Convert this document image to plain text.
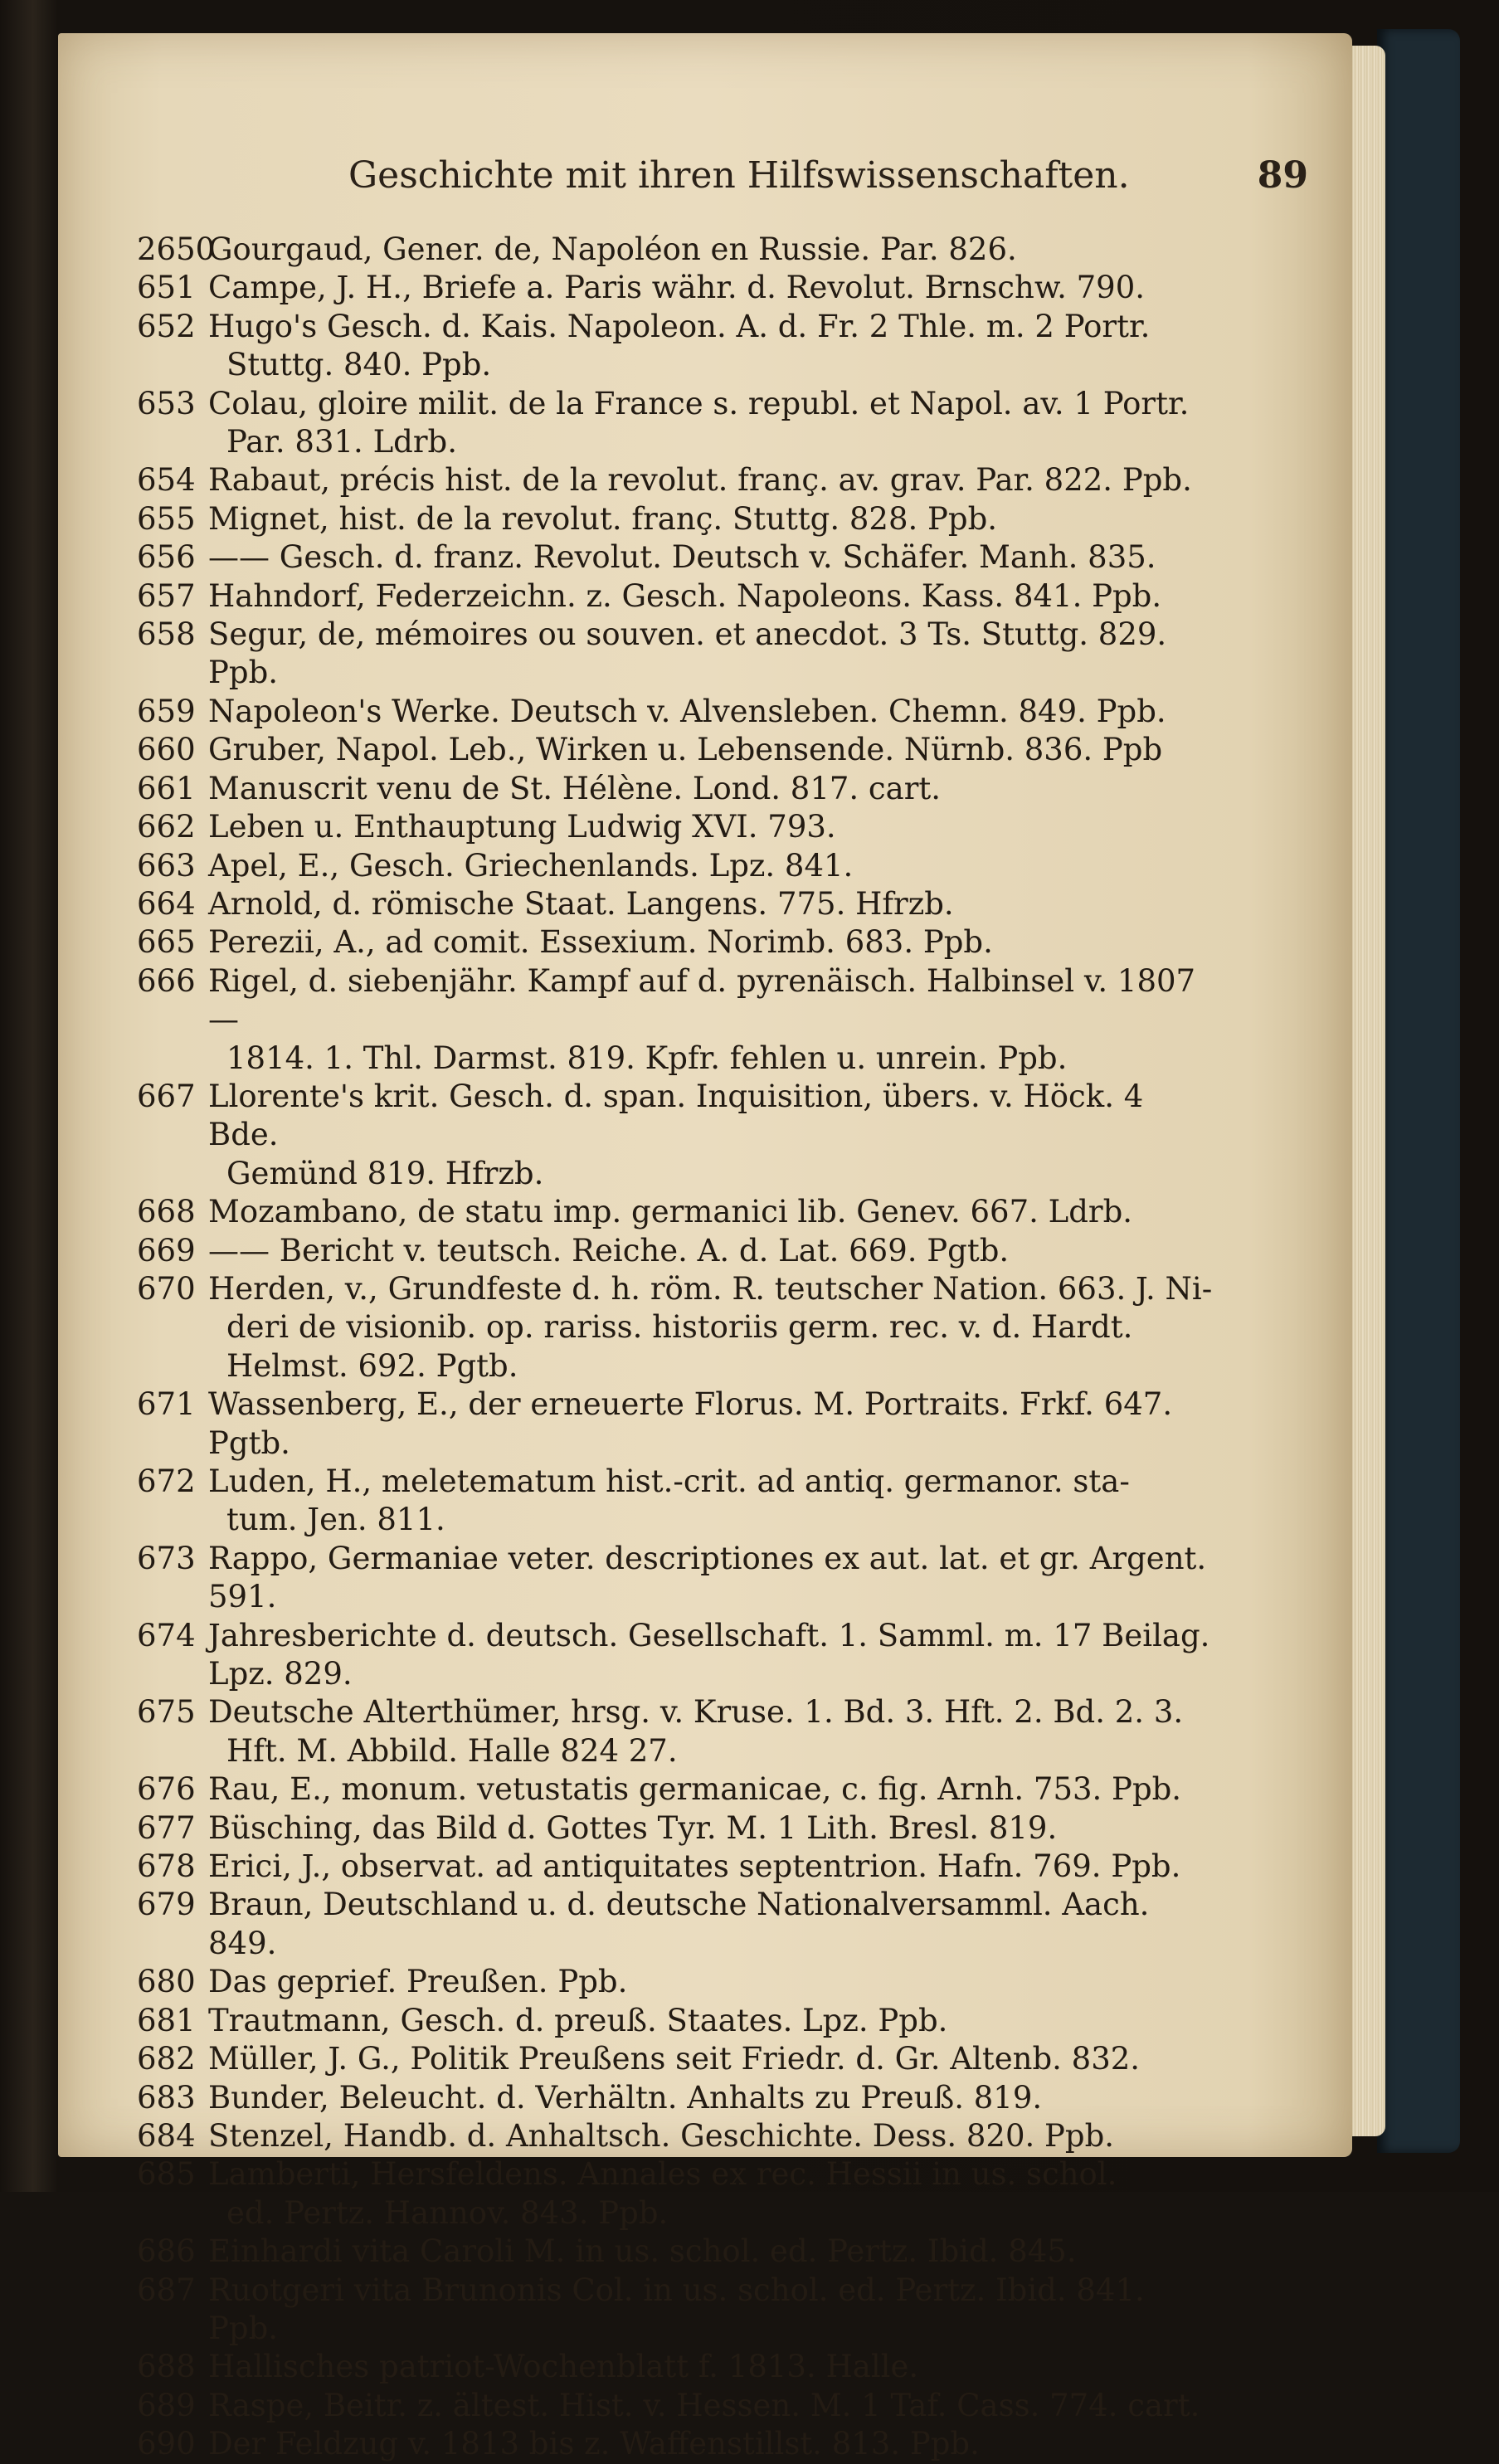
Geschichte mit ihren Hilfswissenschaften.	89
2650
Gourgaud, Gener. de, Napoléon en Russie. Par. 826.
651 Campe, J. H., Briefe a. Paris währ. d. Revolut. Brnschw. 790.
652 Hugo's Gesch. d. Kais. Napoleon. A. d. Fr. 2 Thle. m. 2 Portr.
Stuttg. 840. Ppb.
653 Colau, gloire milit. de la France s. republ. et Napol. av. 1 Portr.
Par. 831. Ldrb.
654 Rabaut, précis hist. de la revolut. franç. av. grav. Par. 822. Ppb.
655 Mignet, hist. de la revolut. franç. Stuttg. 828. Ppb.
656 —— Gesch. d. franz. Revolut. Deutsch v. Schäfer. Manh. 835.
657 Hahndorf, Federzeichn. z. Gesch. Napoleons. Kass. 841. Ppb.
658 Segur, de, mémoires ou souven. et anecdot. 3 Ts. Stuttg. 829. Ppb.
659 Napoleon's Werke. Deutsch v. Alvensleben. Chemn. 849. Ppb.
660 Gruber, Napol. Leb., Wirken u. Lebensende. Nürnb. 836. Ppb
661 Manuscrit venu de St. Hélène. Lond. 817. cart.
662 Leben u. Enthauptung Ludwig XVI. 793.
663 Apel, E., Gesch. Griechenlands. Lpz. 841.
664 Arnold, d. römische Staat. Langens. 775. Hfrzb.
665 Perezii, A., ad comit. Essexium. Norimb. 683. Ppb.
666 Rigel, d. siebenjähr. Kampf auf d. pyrenäisch. Halbinsel v. 1807—
1814. 1. Thl. Darmst. 819. Kpfr. fehlen u. unrein. Ppb.
667 Llorente's krit. Gesch. d. span. Inquisition, übers. v. Höck. 4 Bde.
Gemünd 819. Hfrzb.
668 Mozambano, de statu imp. germanici lib. Genev. 667. Ldrb.
669 —— Bericht v. teutsch. Reiche. A. d. Lat. 669. Pgtb.
670 Herden, v., Grundfeste d. h. röm. R. teutscher Nation. 663. J. Ni-
deri de visionib. op. rariss. historiis germ. rec. v. d. Hardt.
Helmst. 692. Pgtb.
671 Wassenberg, E., der erneuerte Florus. M. Portraits. Frkf. 647. Pgtb.
672 Luden, H., meletematum hist.-crit. ad antiq. germanor. sta-
tum. Jen. 811.
673 Rappo, Germaniae veter. descriptiones ex aut. lat. et gr. Argent. 591.
674 Jahresberichte d. deutsch. Gesellschaft. 1. Samml. m. 17 Beilag. Lpz. 829.
675 Deutsche Alterthümer, hrsg. v. Kruse. 1. Bd. 3. Hft. 2. Bd. 2. 3.
Hft. M. Abbild. Halle 824 27.
676 Rau, E., monum. vetustatis germanicae, c. fig. Arnh. 753. Ppb.
677 Büsching, das Bild d. Gottes Tyr. M. 1 Lith. Bresl. 819.
678 Erici, J., observat. ad antiquitates septentrion. Hafn. 769. Ppb.
679 Braun, Deutschland u. d. deutsche Nationalversamml. Aach. 849.
680 Das geprief. Preußen. Ppb.
681 Trautmann, Gesch. d. preuß. Staates. Lpz. Ppb.
682 Müller, J. G., Politik Preußens seit Friedr. d. Gr. Altenb. 832.
683 Bunder, Beleucht. d. Verhältn. Anhalts zu Preuß. 819.
684 Stenzel, Handb. d. Anhaltsch. Geschichte. Dess. 820. Ppb.
685 Lamberti, Hersfeldens. Annales ex rec. Hessii in us. schol.
ed. Pertz. Hannov. 843. Ppb.
686 Einhardi vita Caroli M. in us. schol. ed. Pertz. Ibid. 845.
687 Ruotgeri vita Brunonis Col. in us. schol. ed. Pertz. Ibid. 841. Ppb.
688 Hallisches patriot-Wochenblatt f. 1813. Halle.
689 Raspe, Beitr. z. ältest. Hist. v. Hessen. M. 1 Taf. Cass. 774. cart.
690 Der Feldzug v. 1813 bis z. Waffenstillst. 813. Ppb.
